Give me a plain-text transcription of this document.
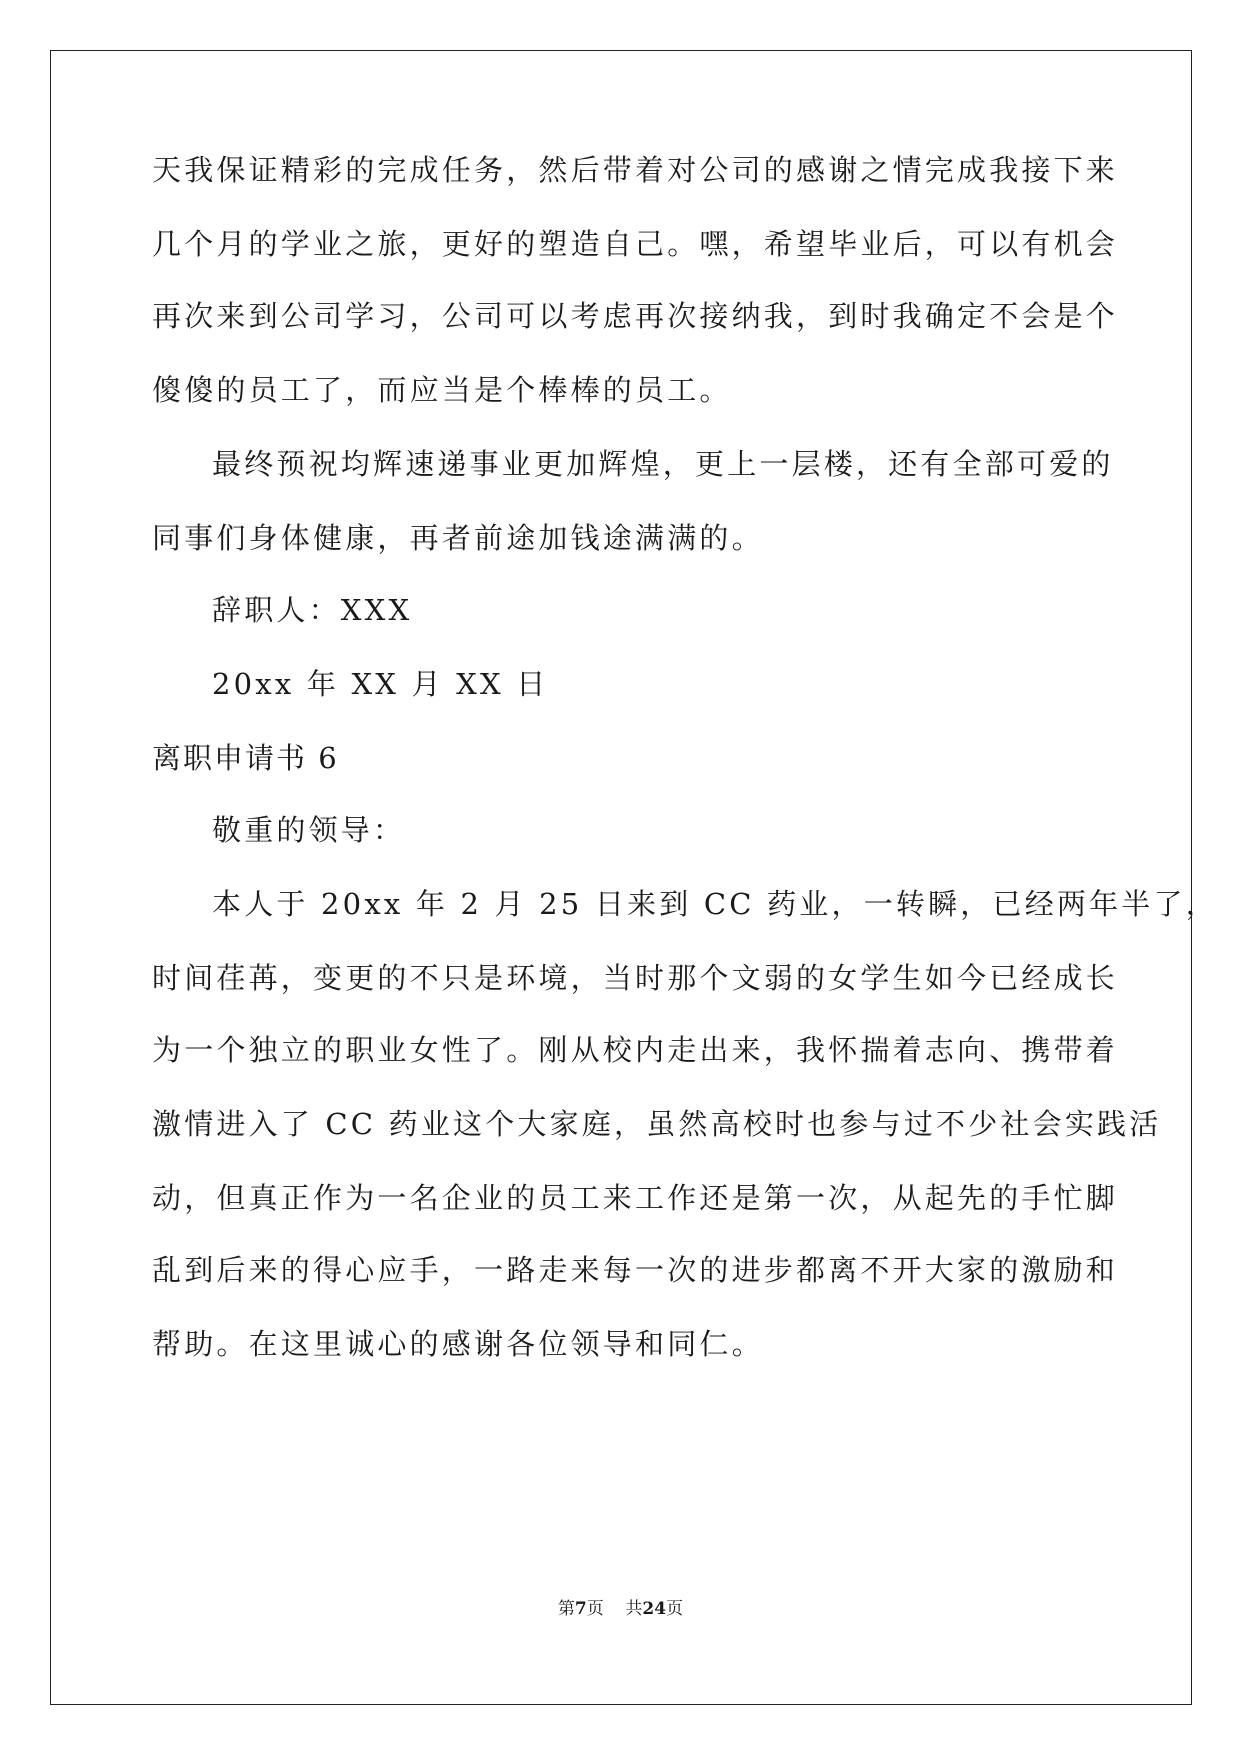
天我保证精彩的完成任务，然后带着对公司的感谢之情完成我接下来
几个月的学业之旅，更好的塑造自己。嘿，希望毕业后，可以有机会
再次来到公司学习，公司可以考虑再次接纳我，到时我确定不会是个
傻傻的员工了，而应当是个棒棒的员工。
最终预祝均辉速递事业更加辉煌，更上一层楼，还有全部可爱的
同事们身体健康，再者前途加钱途满满的。
辞职人：XXX
20xx 年 XX 月 XX 日
离职申请书 6
敬重的领导：
本人于 20xx 年 2 月 25 日来到 CC 药业，一转瞬，已经两年半了，
时间荏苒，变更的不只是环境，当时那个文弱的女学生如今已经成长
为一个独立的职业女性了。刚从校内走出来，我怀揣着志向、携带着
激情进入了 CC 药业这个大家庭，虽然高校时也参与过不少社会实践活
动，但真正作为一名企业的员工来工作还是第一次，从起先的手忙脚
乱到后来的得心应手，一路走来每一次的进步都离不开大家的激励和
帮助。在这里诚心的感谢各位领导和同仁。
第7页 共24页
